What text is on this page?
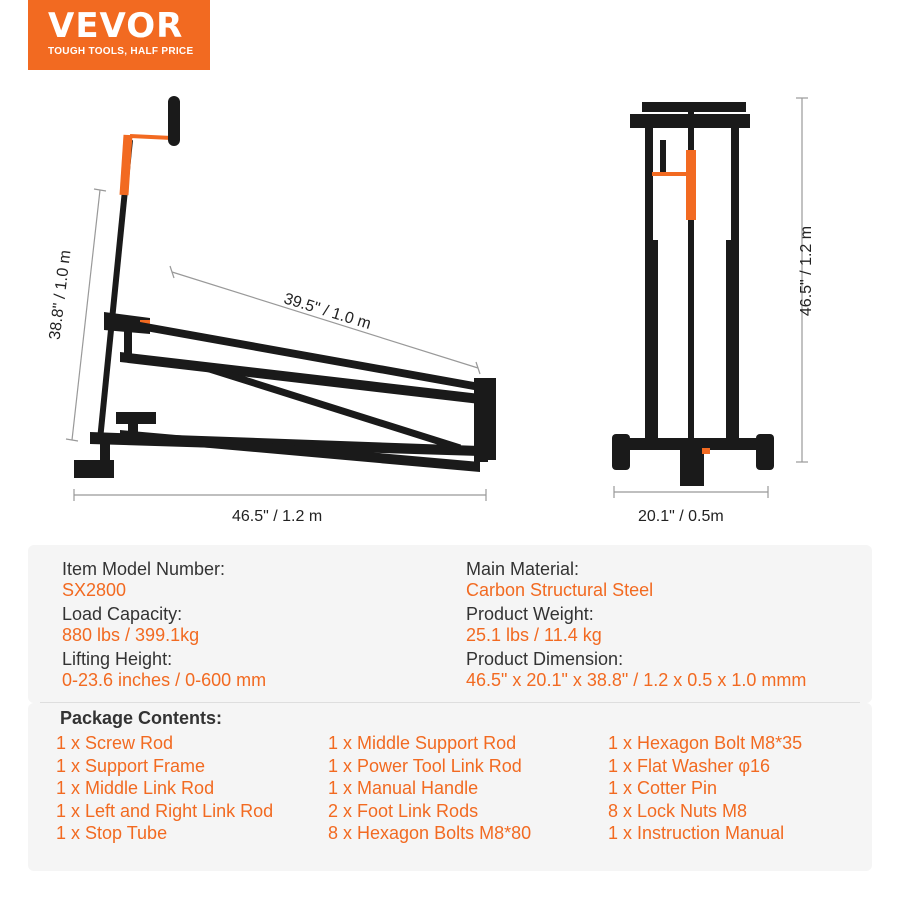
VEVOR
TOUGH TOOLS, HALF PRICE
38.8" / 1.0 m	39.5" / 1.0 m
46.5" / 1.2 m
46.5" / 1.2 m
20.1" / 0.5m
Item Model Number:
SX2800
Load Capacity:
880 lbs / 399.1kg
Lifting Height:
0-23.6 inches / 0-600 mm
Main Material:
Carbon Structural Steel
Product Weight:
25.1 lbs / 11.4 kg
Product Dimension:
46.5" x 20.1" x 38.8" / 1.2 x 0.5 x 1.0 mmm
Package Contents:
1 x Screw Rod
1 x Support Frame
1 x Middle Link Rod
1 x Left and Right Link Rod
1 x Stop Tube
1 x Middle Support Rod
1 x Power Tool Link Rod
1 x Manual Handle
2 x Foot Link Rods
8 x Hexagon Bolts M8*80
1 x Hexagon Bolt M8*35
1 x Flat Washer φ16
1 x Cotter Pin
8 x Lock Nuts M8
1 x Instruction Manual
